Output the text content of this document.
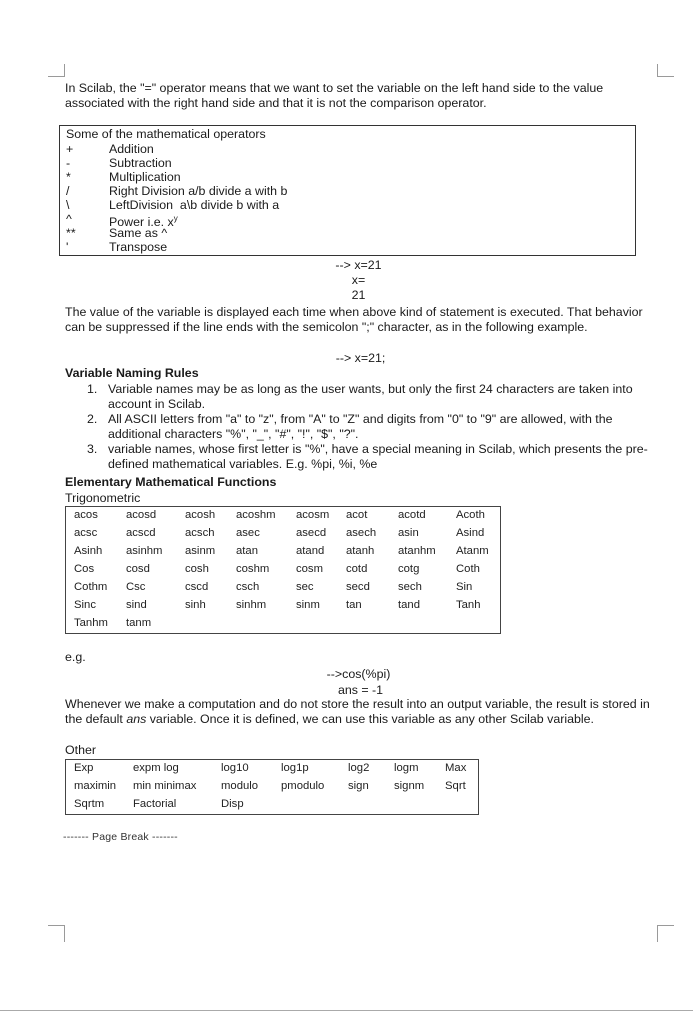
In Scilab, the "=" operator means that we want to set the variable on the left hand side to the value associated with the right hand side and that it is not the comparison operator.

Some of the mathematical operators
+	Addition
-	Subtraction
*	Multiplication
/	Right Division a/b divide a with b
\	LeftDivision  a\b divide b with a
^	Power i.e. $x^y$
**	Same as ^
'	Transpose
--> x=21
x=
21

The value of the variable is displayed each time when above kind of statement is executed. That behavior can be suppressed if the line ends with the semicolon ";" character, as in the following example.

--> x=21;
Variable Naming Rules
1. Variable names may be as long as the user wants, but only the first 24 characters are taken into account in Scilab.
2. All ASCII letters from "a" to "z", from "A" to "Z" and digits from "0" to "9" are allowed, with the additional characters "%", "_", "#", "!", "$", "?".
3. variable names, whose first letter is "%", have a special meaning in Scilab, which presents the pre-defined mathematical variables. E.g. %pi, %i, %e
Elementary Mathematical Functions
Trigonometric
acos	acosd	acosh	acoshm	acosm	acot	acotd	Acoth
acsc	acscd	acsch	asec	asecd	asech	asin	Asind
Asinh	asinhm	asinm	atan	atand	atanh	atanhm	Atanm
Cos	cosd	cosh	coshm	cosm	cotd	cotg	Coth
Cothm	Csc	cscd	csch	sec	secd	sech	Sin
Sinc	sind	sinh	sinhm	sinm	tan	tand	Tanh
Tanhm	tanm						
e.g.
-->cos(%pi)
ans = -1

Whenever we make a computation and do not store the result into an output variable, the result is stored in the default ans variable. Once it is defined, we can use this variable as any other Scilab variable.

Other
Exp	expm log	log10	log1p	log2	logm	Max
maximin	min minimax	modulo	pmodulo	sign	signm	Sqrt
Sqrtm	Factorial	Disp				
------- Page Break -------
